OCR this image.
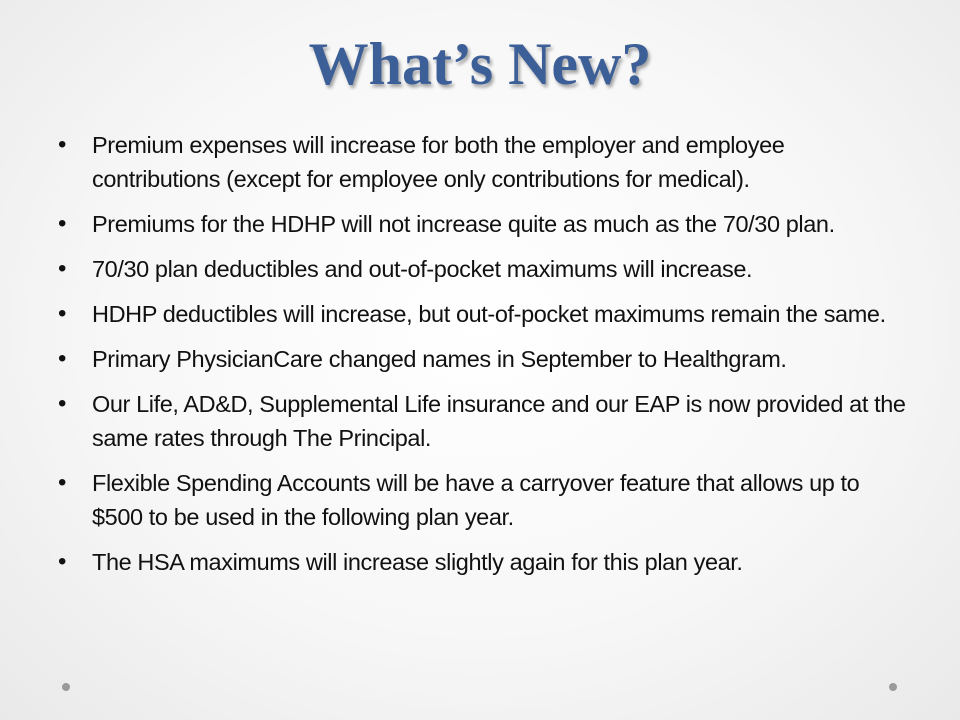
What’s New?
• Premium expenses will increase for both the employer and employee contributions (except for employee only contributions for medical).
• Premiums for the HDHP will not increase quite as much as the 70/30 plan.
• 70/30 plan deductibles and out-of-pocket maximums will increase.
• HDHP deductibles will increase, but out-of-pocket maximums remain the same.
• Primary PhysicianCare changed names in September to Healthgram.
• Our Life, AD&D, Supplemental Life insurance and our EAP is now provided at the same rates through The Principal.
• Flexible Spending Accounts will be have a carryover feature that allows up to $500 to be used in the following plan year.
• The HSA maximums will increase slightly again for this plan year.
